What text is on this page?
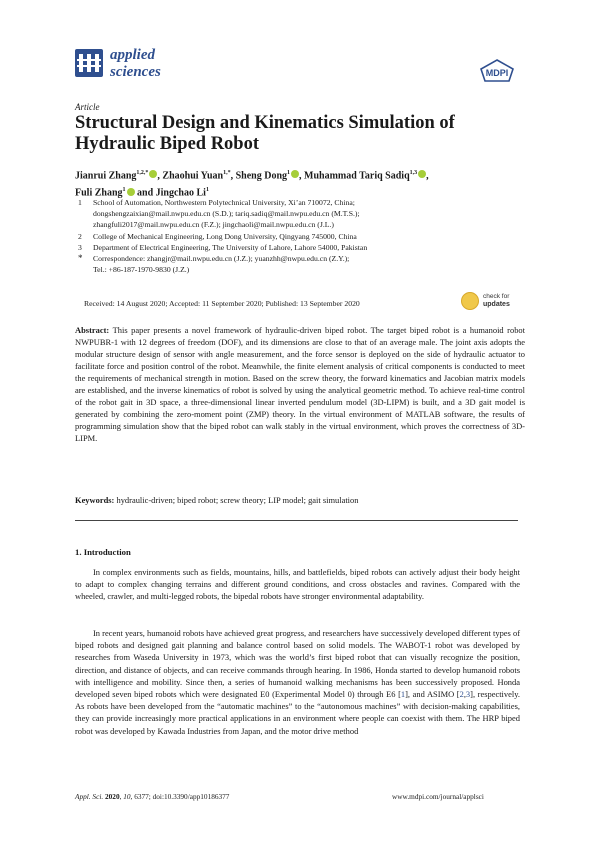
applied
sciences	MDPI
Article
Structural Design and Kinematics Simulation of Hydraulic Biped Robot
Jianrui Zhang$^{1,2,*}$ , Zhaohui Yuan$^{1,*}$, Sheng Dong$^1$ , Muhammad Tariq Sadiq$^{1,3}$ ,
Fuli Zhang$^1$ and Jingchao Li$^1$
1	School of Automation, Northwestern Polytechnical University, Xi’an 710072, China;
dongshengzaixian@mail.nwpu.edu.cn (S.D.); tariq.sadiq@mail.nwpu.edu.cn (M.T.S.);
zhangfuli2017@mail.nwpu.edu.cn (F.Z.); jingchaoli@mail.nwpu.edu.cn (J.L.)
2	College of Mechanical Engineering, Long Dong University, Qingyang 745000, China
3	Department of Electrical Engineering, The University of Lahore, Lahore 54000, Pakistan
*	Correspondence: zhangjr@mail.nwpu.edu.cn (J.Z.); yuanzhh@nwpu.edu.cn (Z.Y.);
Tel.: +86-187-1970-9830 (J.Z.)
Received: 14 August 2020; Accepted: 11 September 2020; Published: 13 September 2020
check for
updates
Abstract: This paper presents a novel framework of hydraulic-driven biped robot. The target biped robot is a humanoid robot NWPUBR-1 with 12 degrees of freedom (DOF), and its dimensions are close to that of an average male. The joint axis adopts the modular structure design of sensor with angle measurement, and the force sensor is deployed on the side of hydraulic actuator to facilitate force and position control of the robot. Meanwhile, the finite element analysis of critical components is conducted to meet the requirements of mechanical strength in motion. Based on the screw theory, the forward kinematics and Jacobian matrix models are established, and the inverse kinematics of robot is solved by using the analytical geometric method. To achieve real-time control of the robot gait in 3D space, a three-dimensional linear inverted pendulum model (3D-LIPM) is built, and a 3D gait model is generated by combining the zero-moment point (ZMP) theory. In the virtual environment of MATLAB software, the results of programming simulation show that the biped robot can walk stably in the virtual environment, which proves the correctness of 3D-LIPM.
Keywords: hydraulic-driven; biped robot; screw theory; LIP model; gait simulation
1. Introduction
In complex environments such as fields, mountains, hills, and battlefields, biped robots can actively adjust their body height to adapt to complex changing terrains and different ground conditions, and cross obstacles and ravines. Compared with the wheeled, crawler, and multi-legged robots, the bipedal robots have stronger environmental adaptability.
In recent years, humanoid robots have achieved great progress, and researchers have successively developed different types of biped robots and designed gait planning and balance control based on solid models. The WABOT-1 robot was developed by researches from Waseda University in 1973, which was the world’s first biped robot that can visually recognize the position, direction, and distance of objects, and can receive commands through hearing. In 1986, Honda started to develop humanoid robots with intelligence and mobility. Since then, a series of humanoid walking mechanisms has been successively proposed. Honda developed seven biped robots which were designated E0 (Experimental Model 0) through E6 [1], and ASIMO [2,3], respectively. As robots have been developed from the “automatic machines” to the “autonomous machines” with decision-making capabilities, they can provide increasingly more practical applications in an environment where people can coexist with them. The HRP biped robot was developed by Kawada Industries from Japan, and the motor drive method
Appl. Sci. 2020, 10, 6377; doi:10.3390/app10186377	www.mdpi.com/journal/applsci
